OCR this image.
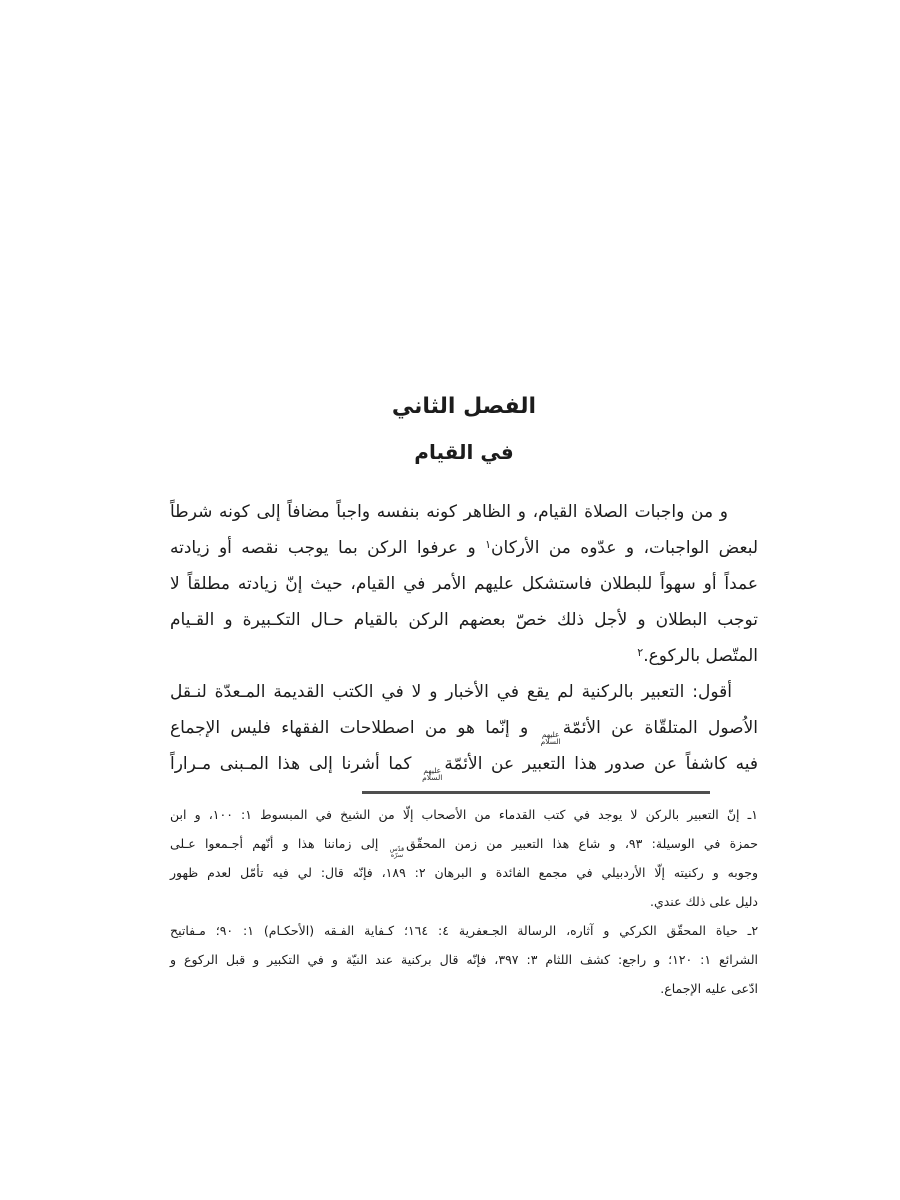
الفصل الثاني
في القيام
و من واجبات الصلاة القيام، و الظاهر كونه بنفسه واجباً مضافاً إلى كونه شرطاً
لبعض الواجبات، و عدّوه من الأركان$^١$ و عرفوا الركن بما يوجب نقصه أو زيادته
عمداً أو سهواً للبطلان فاستشكل عليهم الأمر في القيام، حيث إنّ زيادته مطلقاً لا
توجب البطلان و لأجل ذلك خصّ بعضهم الركن بالقيام حـال التكـبيرة و القـيام
المتّصل بالركوع.$^٢$
أقول: التعبير بالركنية لم يقع في الأخبار و لا في الكتب القديمة المـعدّة لنـقل
الاُصول المتلقّاة عن الأئمّة
عليهم
السلام
و إنّما هو من اصطلاحات الفقهاء فليس الإجماع
فيه كاشفاً عن صدور هذا التعبير عن الأئمّة
عليهم
السلام
كما أشرنا إلى هذا المـبنى مـراراً
١ـ إنّ التعبير بالركن لا يوجد في كتب القدماء من الأصحاب إلّا من الشيخ في المبسوط ١: ١٠٠، و ابن
حمزة في الوسيلة: ٩٣، و شاع هذا التعبير من زمن المحقّق
قدّس
سرّه
إلى زماننا هذا و أنّهم أجـمعوا عـلى
وجوبه و ركنيته إلّا الأردبيلي في مجمع الفائدة و البرهان ٢: ١٨٩، فإنّه قال: لي فيه تأمّل لعدم ظهور
دليل على ذلك عندي.
٢ـ حياة المحقّق الكركي و آثاره، الرسالة الجـعفرية ٤: ١٦٤؛ كـفاية الفـقه (الأحكـام) ١: ٩٠؛ مـفاتيح
الشرائع ١: ١٢٠؛ و راجع: كشف اللثام ٣: ٣٩٧، فإنّه قال بركنية عند النيّة و في التكبير و قبل الركوع و
ادّعى عليه الإجماع.
